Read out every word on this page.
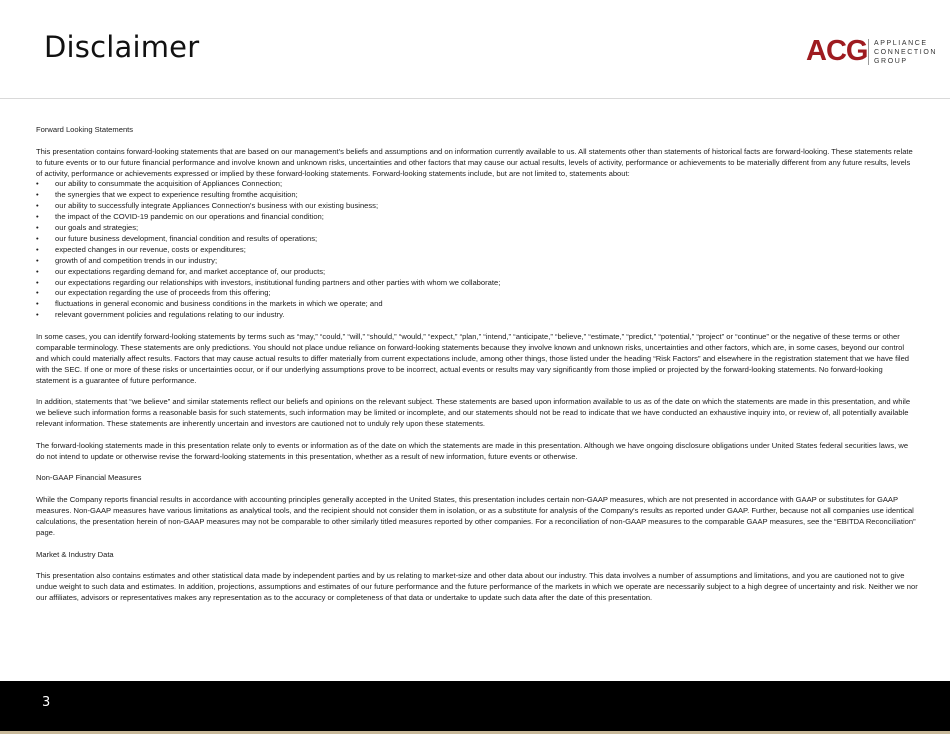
Disclaimer	ACG APPLIANCE
CONNECTION
GROUP

Forward Looking Statements

This presentation contains forward-looking statements that are based on our management's beliefs and assumptions and on information currently available to us. All statements other than statements of historical facts are forward-looking. These statements relate to future events or to our future financial performance and involve known and unknown risks, uncertainties and other factors that may cause our actual results, levels of activity, performance or achievements to be materially different from any future results, levels of activity, performance or achievements expressed or implied by these forward-looking statements. Forward-looking statements include, but are not limited to, statements about:

• our ability to consummate the acquisition of Appliances Connection;
• the synergies that we expect to experience resulting fromthe acquisition;
• our ability to successfully integrate Appliances Connection's business with our existing business;
• the impact of the COVID-19 pandemic on our operations and financial condition;
• our goals and strategies;
• our future business development, financial condition and results of operations;
• expected changes in our revenue, costs or expenditures;
• growth of and competition trends in our industry;
• our expectations regarding demand for, and market acceptance of, our products;
• our expectations regarding our relationships with investors, institutional funding partners and other parties with whom we collaborate;
• our expectation regarding the use of proceeds from this offering;
• fluctuations in general economic and business conditions in the markets in which we operate; and
• relevant government policies and regulations relating to our industry.

In some cases, you can identify forward-looking statements by terms such as “may,” “could,” “will,” “should,” “would,” “expect,” “plan,” “intend,” “anticipate,” “believe,” “estimate,” “predict,” “potential,” “project” or “continue” or the negative of these terms or other comparable terminology. These statements are only predictions. You should not place undue reliance on forward-looking statements because they involve known and unknown risks, uncertainties and other factors, which are, in some cases, beyond our control and which could materially affect results. Factors that may cause actual results to differ materially from current expectations include, among other things, those listed under the heading “Risk Factors” and elsewhere in the registration statement that we have filed with the SEC. If one or more of these risks or uncertainties occur, or if our underlying assumptions prove to be incorrect, actual events or results may vary significantly from those implied or projected by the forward-looking statements. No forward-looking statement is a guarantee of future performance.

In addition, statements that “we believe” and similar statements reflect our beliefs and opinions on the relevant subject. These statements are based upon information available to us as of the date on which the statements are made in this presentation, and while we believe such information forms a reasonable basis for such statements, such information may be limited or incomplete, and our statements should not be read to indicate that we have conducted an exhaustive inquiry into, or review of, all potentially available relevant information. These statements are inherently uncertain and investors are cautioned not to unduly rely upon these statements.

The forward-looking statements made in this presentation relate only to events or information as of the date on which the statements are made in this presentation. Although we have ongoing disclosure obligations under United States federal securities laws, we do not intend to update or otherwise revise the forward-looking statements in this presentation, whether as a result of new information, future events or otherwise.

Non-GAAP Financial Measures

While the Company reports financial results in accordance with accounting principles generally accepted in the United States, this presentation includes certain non-GAAP measures, which are not presented in accordance with GAAP or substitutes for GAAP measures. Non-GAAP measures have various limitations as analytical tools, and the recipient should not consider them in isolation, or as a substitute for analysis of the Company's results as reported under GAAP. Further, because not all companies use identical calculations, the presentation herein of non-GAAP measures may not be comparable to other similarly titled measures reported by other companies. For a reconciliation of non-GAAP measures to the comparable GAAP measures, see the “EBITDA Reconciliation” page.

Market & Industry Data

This presentation also contains estimates and other statistical data made by independent parties and by us relating to market-size and other data about our industry. This data involves a number of assumptions and limitations, and you are cautioned not to give undue weight to such data and estimates. In addition, projections, assumptions and estimates of our future performance and the future performance of the markets in which we operate are necessarily subject to a high degree of uncertainty and risk. Neither we nor our affiliates, advisors or representatives makes any representation as to the accuracy or completeness of that data or undertake to update such data after the date of this presentation.

3
